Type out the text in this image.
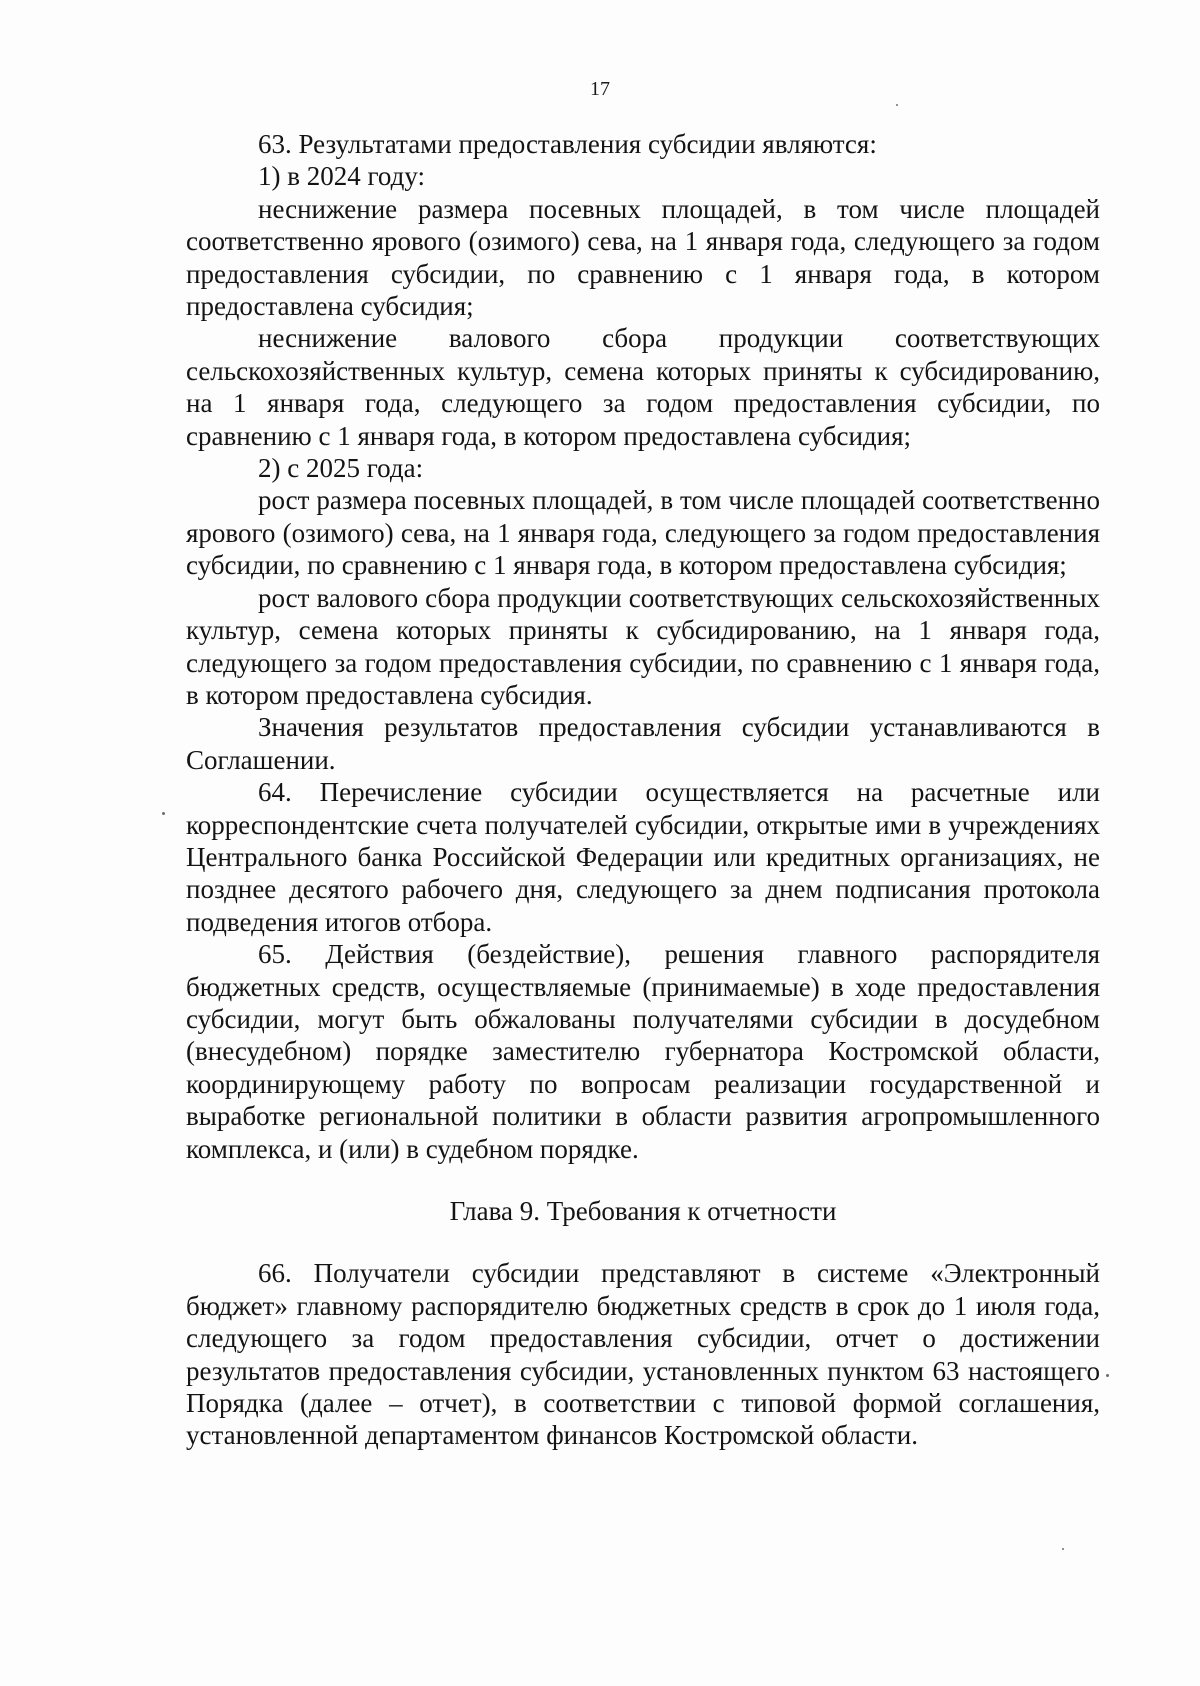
17

63. Результатами предоставления субсидии являются:

1) в 2024 году:

неснижение размера посевных площадей, в том числе площадей соответственно ярового (озимого) сева, на 1 января года, следующего за годом предоставления субсидии, по сравнению с 1 января года, в котором предоставлена субсидия;

неснижение валового сбора продукции соответствующих сельскохозяйственных культур, семена которых приняты к субсидированию, на 1 января года, следующего за годом предоставления субсидии, по сравнению с 1 января года, в котором предоставлена субсидия;

2) с 2025 года:

рост размера посевных площадей, в том числе площадей соответственно ярового (озимого) сева, на 1 января года, следующего за годом предоставления субсидии, по сравнению с 1 января года, в котором предоставлена субсидия;

рост валового сбора продукции соответствующих сельскохозяйственных культур, семена которых приняты к субсидированию, на 1 января года, следующего за годом предоставления субсидии, по сравнению с 1 января года, в котором предоставлена субсидия.

Значения результатов предоставления субсидии устанавливаются в Соглашении.

64. Перечисление субсидии осуществляется на расчетные или корреспондентские счета получателей субсидии, открытые ими в учреждениях Центрального банка Российской Федерации или кредитных организациях, не позднее десятого рабочего дня, следующего за днем подписания протокола подведения итогов отбора.

65. Действия (бездействие), решения главного распорядителя бюджетных средств, осуществляемые (принимаемые) в ходе предоставления субсидии, могут быть обжалованы получателями субсидии в досудебном (внесудебном) порядке заместителю губернатора Костромской области, координирующему работу по вопросам реализации государственной и выработке региональной политики в области развития агропромышленного комплекса, и (или) в судебном порядке.

Глава 9. Требования к отчетности

66. Получатели субсидии представляют в системе «Электронный бюджет» главному распорядителю бюджетных средств в срок до 1 июля года, следующего за годом предоставления субсидии, отчет о достижении результатов предоставления субсидии, установленных пунктом 63 настоящего Порядка (далее – отчет), в соответствии с типовой формой соглашения, установленной департаментом финансов Костромской области.
